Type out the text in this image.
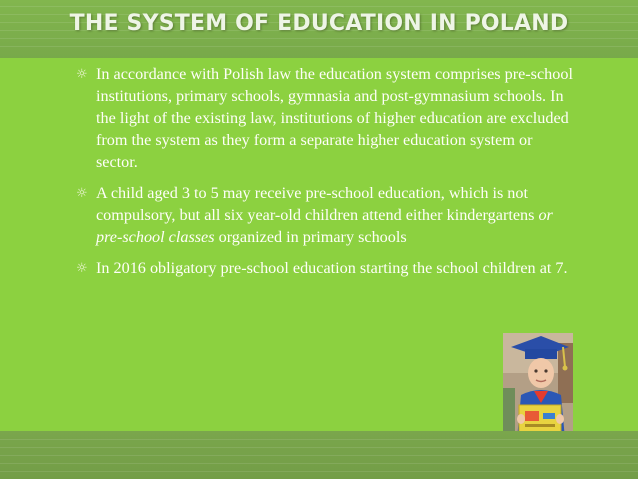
THE SYSTEM OF EDUCATION IN POLAND
☼ In accordance with Polish law the education system comprises pre-school institutions, primary schools, gymnasia and post-gymnasium schools. In the light of the existing law, institutions of higher education are excluded from the system as they form a separate higher education system or sector.
☼ A child aged 3 to 5 may receive pre-school education, which is not compulsory, but all six year-old children attend either kindergartens or pre-school classes organized in primary schools
☼ In 2016 obligatory pre-school education starting the school children at 7.
